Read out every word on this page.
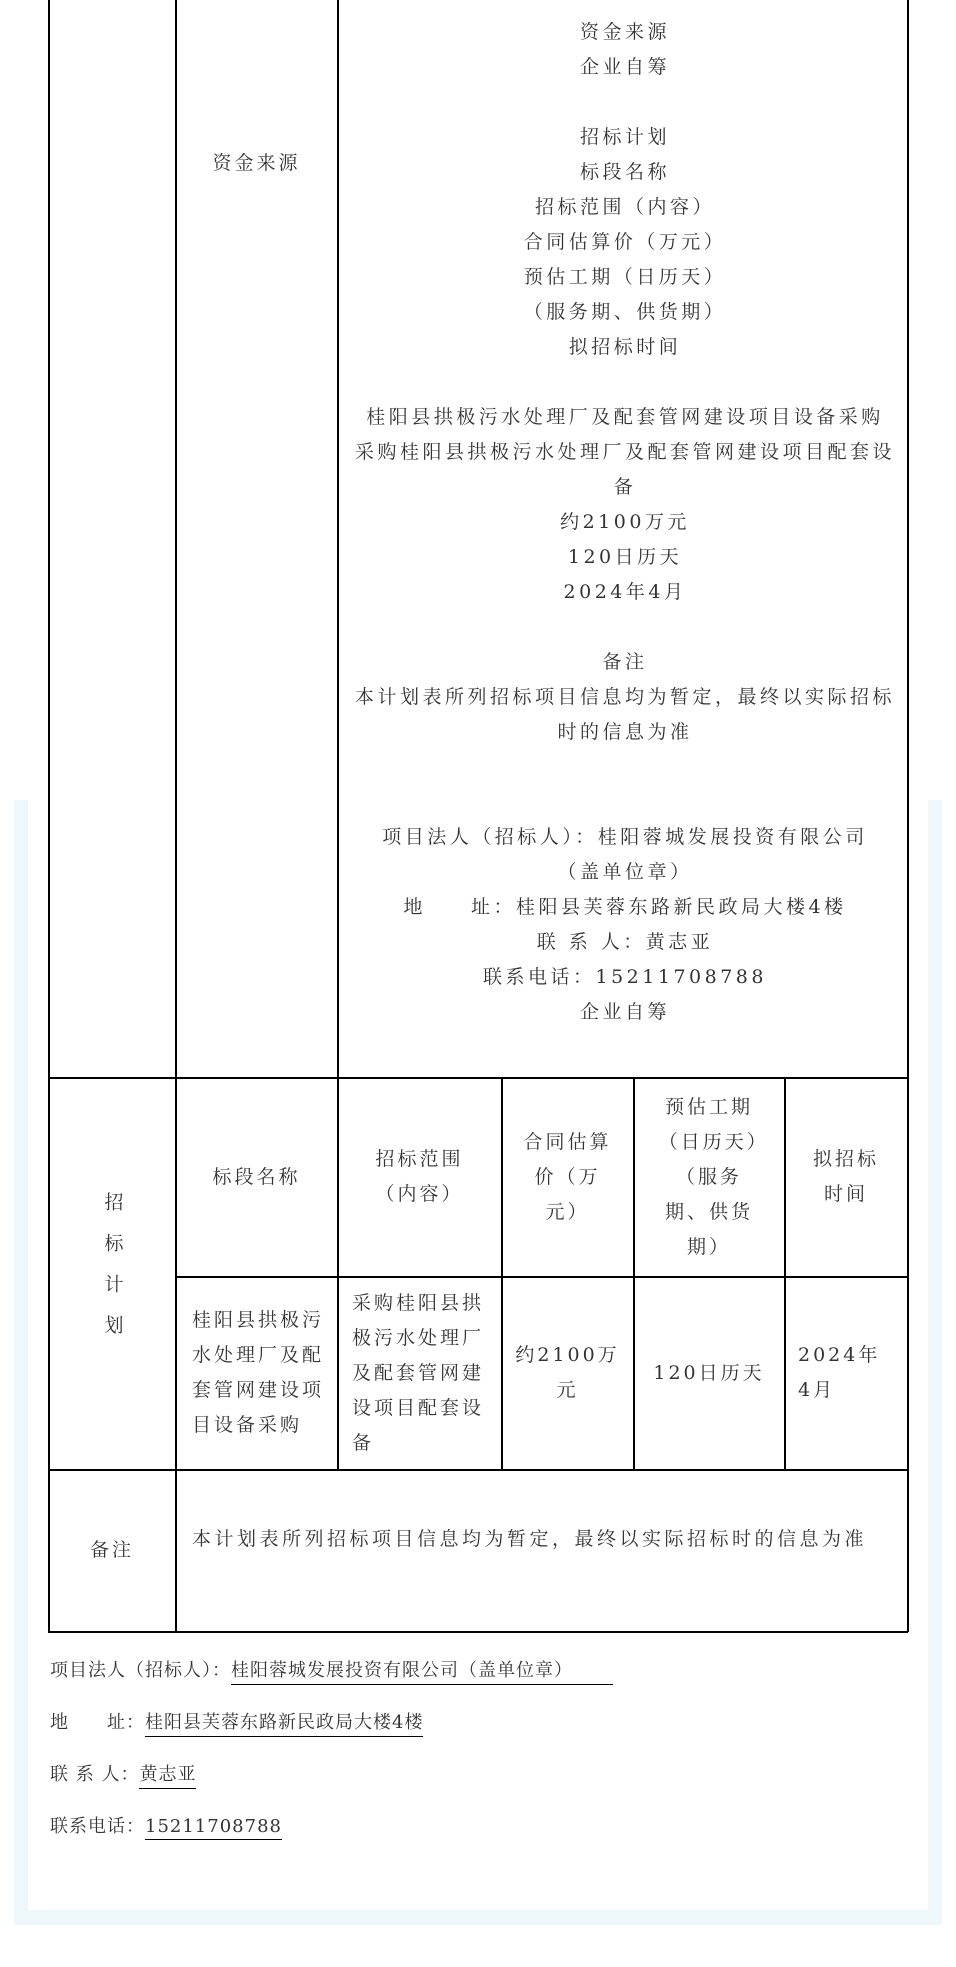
资金来源
资金来源
企业自筹
招标计划
标段名称
招标范围（内容）
合同估算价（万元）
预估工期（日历天）
（服务期、供货期）
拟招标时间
桂阳县拱极污水处理厂及配套管网建设项目设备采购
采购桂阳县拱极污水处理厂及配套管网建设项目配套设备
约2100万元
120日历天
2024年4月
备注
本计划表所列招标项目信息均为暂定，最终以实际招标时的信息为准
项目法人（招标人）：桂阳蓉城发展投资有限公司
（盖单位章）
地　　址：桂阳县芙蓉东路新民政局大楼4楼
联 系 人：黄志亚
联系电话：15211708788
企业自筹
招标计划
标段名称
招标范围（内容）
合同估算价（万元）
预估工期（日历天）（服务期、供货期）
拟招标时间
桂阳县拱极污水处理厂及配套管网建设项目设备采购
采购桂阳县拱极污水处理厂及配套管网建设项目配套设备
约2100万元
120日历天
2024年4月
备注
本计划表所列招标项目信息均为暂定，最终以实际招标时的信息为准
项目法人（招标人）：桂阳蓉城发展投资有限公司（盖单位章）
地　　址：桂阳县芙蓉东路新民政局大楼4楼
联 系 人：黄志亚
联系电话：15211708788
